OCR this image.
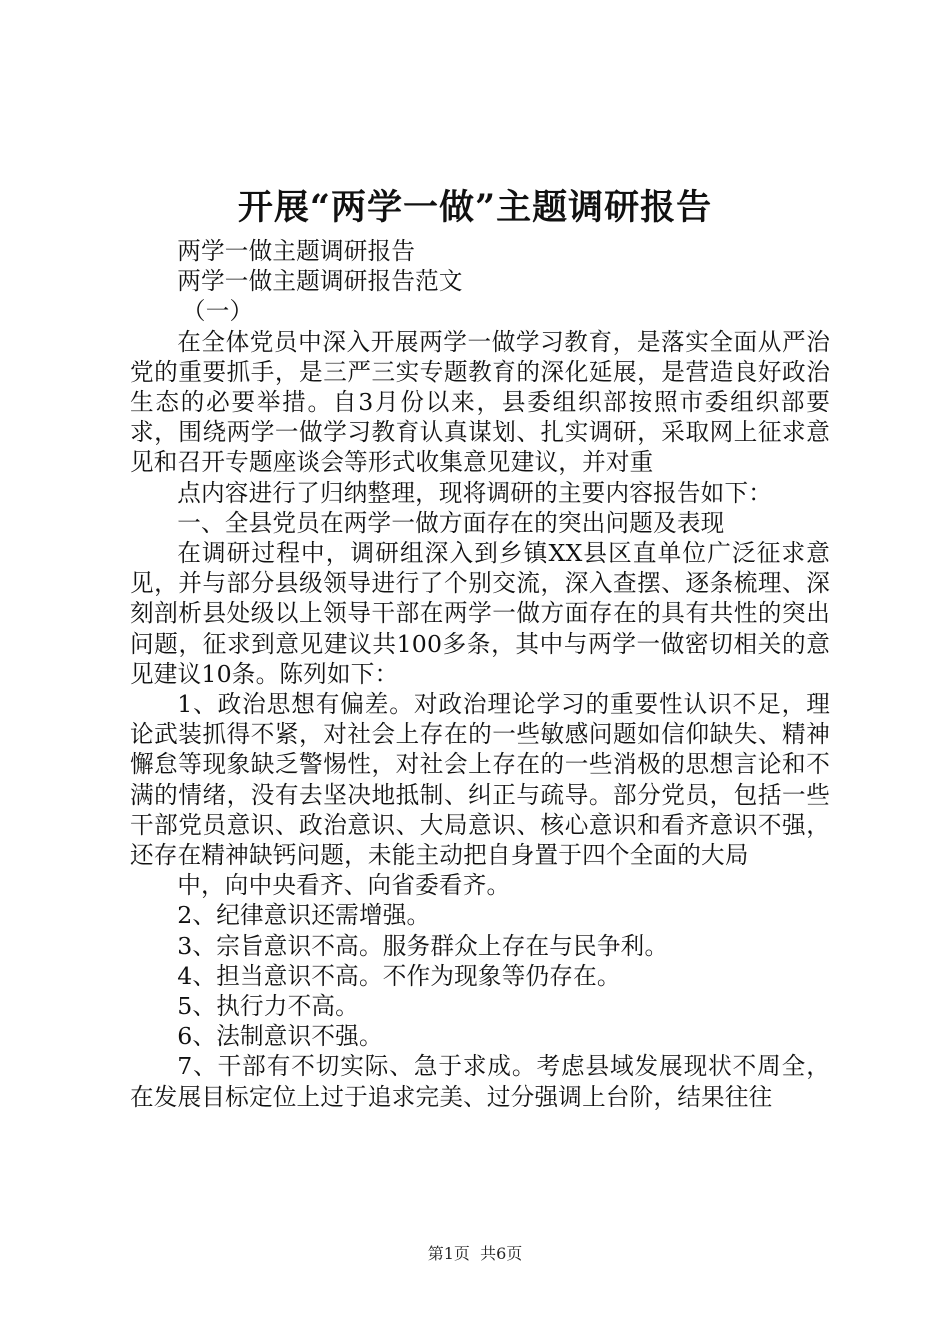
开展“两学一做”主题调研报告

两学一做主题调研报告

两学一做主题调研报告范文

（一）

在全体党员中深入开展两学一做学习教育，是落实全面从严治党的重要抓手，是三严三实专题教育的深化延展，是营造良好政治生态的必要举措。自3月份以来，县委组织部按照市委组织部要求，围绕两学一做学习教育认真谋划、扎实调研，采取网上征求意见和召开专题座谈会等形式收集意见建议，并对重

点内容进行了归纳整理，现将调研的主要内容报告如下：

一、全县党员在两学一做方面存在的突出问题及表现

在调研过程中，调研组深入到乡镇XX县区直单位广泛征求意见，并与部分县级领导进行了个别交流，深入查摆、逐条梳理、深刻剖析县处级以上领导干部在两学一做方面存在的具有共性的突出问题，征求到意见建议共100多条，其中与两学一做密切相关的意见建议10条。陈列如下：

1、政治思想有偏差。对政治理论学习的重要性认识不足，理论武装抓得不紧，对社会上存在的一些敏感问题如信仰缺失、精神懈怠等现象缺乏警惕性，对社会上存在的一些消极的思想言论和不满的情绪，没有去坚决地抵制、纠正与疏导。部分党员，包括一些干部党员意识、政治意识、大局意识、核心意识和看齐意识不强，还存在精神缺钙问题，未能主动把自身置于四个全面的大局

中，向中央看齐、向省委看齐。

2、纪律意识还需增强。

3、宗旨意识不高。服务群众上存在与民争利。

4、担当意识不高。不作为现象等仍存在。

5、执行力不高。

6、法制意识不强。

7、干部有不切实际、急于求成。考虑县域发展现状不周全，在发展目标定位上过于追求完美、过分强调上台阶，结果往往

第1页 共6页
